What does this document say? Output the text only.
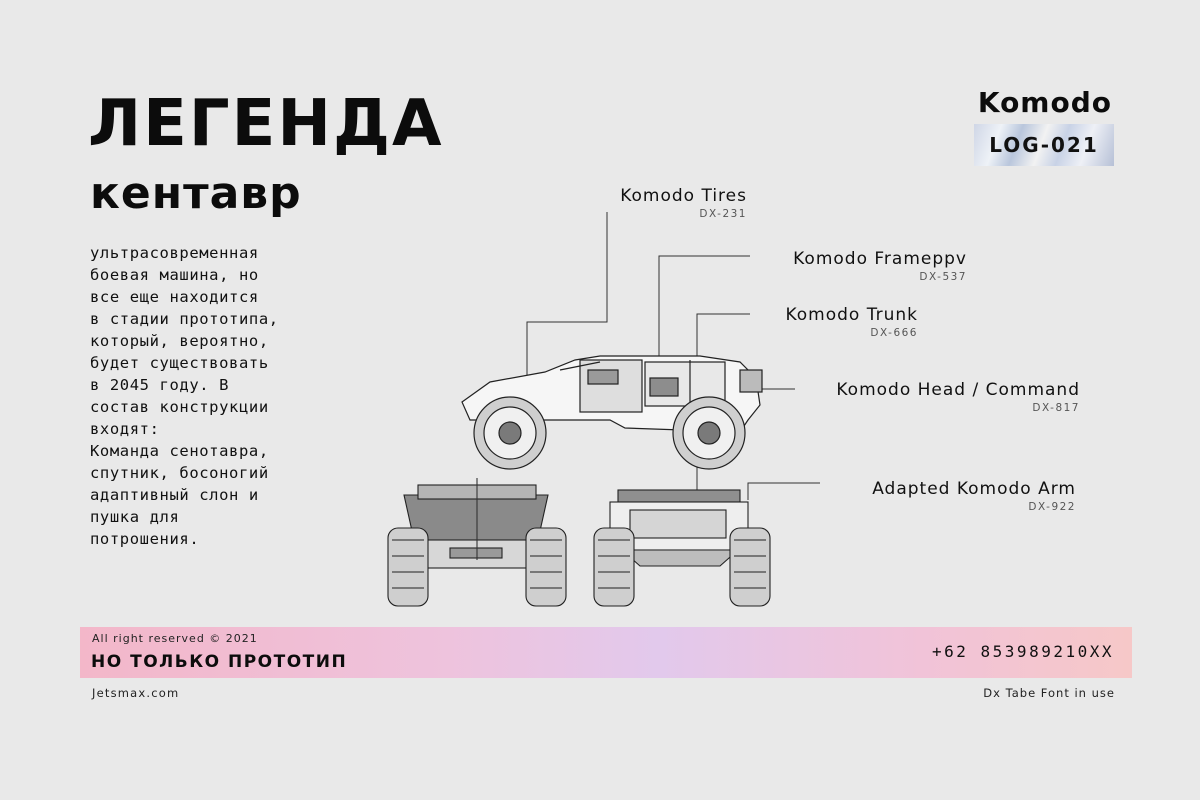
ЛЕГЕНДА
кентавр
ультрасовременная
боевая машина, но
все еще находится
в стадии прототипа,
который, вероятно,
будет существовать
в 2045 году. В
состав конструкции
входят:
Команда сенотавра,
спутник, босоногий
адаптивный слон и
пушка для
потрошения.
Komodo
LOG-021
Komodo Tires
DX-231
Komodo Frameppv
DX-537
Komodo Trunk
DX-666
Komodo Head / Command
DX-817
Adapted Komodo Arm
DX-922
All right reserved © 2021
НО ТОЛЬКО ПРОТОТИП
+62 853989210XX
Jetsmax.com	Dx Tabe Font in use
